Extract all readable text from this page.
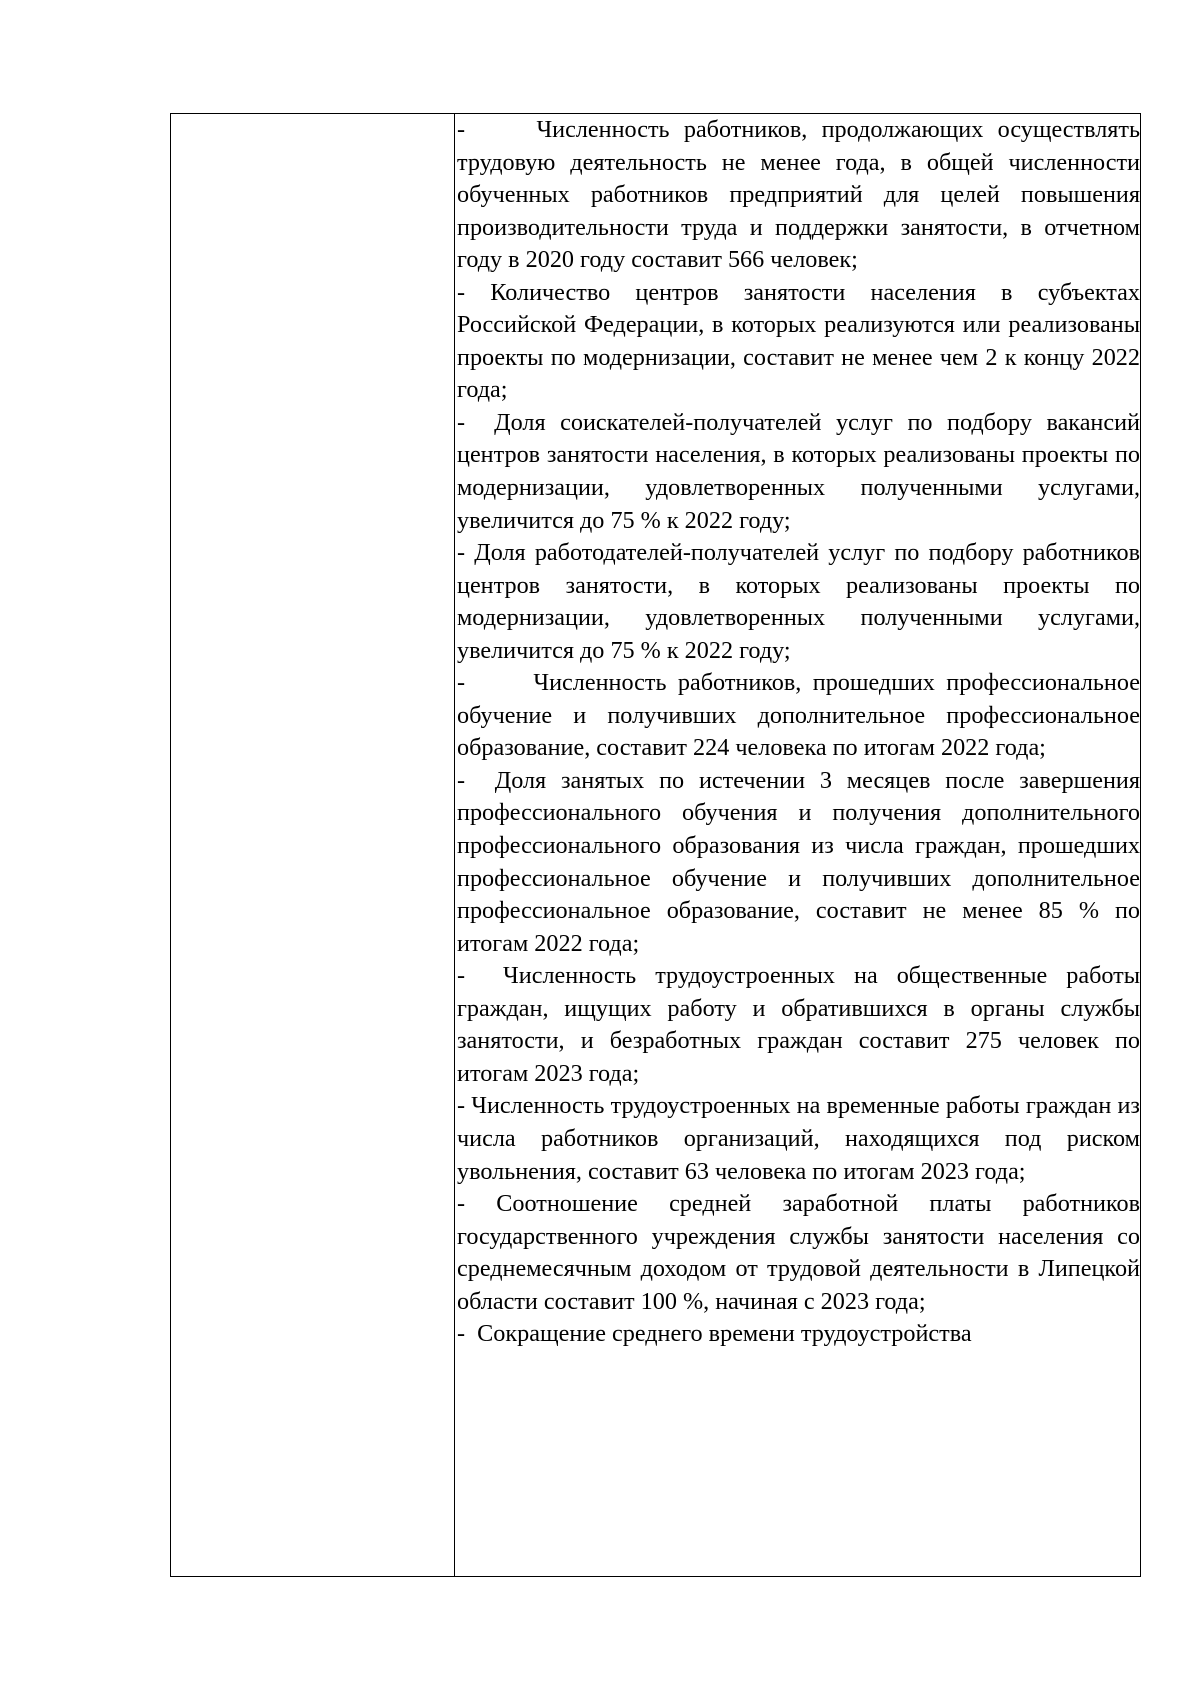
-     Численность работников, продолжающих осуществлять трудовую деятельность не менее года, в общей численности обученных работников предприятий для целей повышения производительности труда и поддержки занятости, в отчетном году в 2020 году составит 566 человек;

- Количество центров занятости населения в субъектах Российской Федерации, в которых реализуются или реализованы проекты по модернизации, составит не менее чем 2 к концу 2022 года;

-  Доля соискателей-получателей услуг по подбору вакансий центров занятости населения, в которых реализованы проекты по модернизации, удовлетворенных полученными услугами, увеличится до 75 % к 2022 году;

- Доля работодателей-получателей услуг по подбору работников центров занятости, в которых реализованы проекты по модернизации, удовлетворенных полученными услугами, увеличится до 75 % к 2022 году;

-      Численность работников, прошедших профессиональное обучение и получивших дополнительное профессиональное образование, составит 224 человека по итогам 2022 года;

-  Доля занятых по истечении 3 месяцев после завершения профессионального обучения и получения дополнительного профессионального образования из числа граждан, прошедших профессиональное обучение и получивших дополнительное профессиональное образование, составит не менее 85 % по итогам 2022 года;

-  Численность трудоустроенных на общественные работы граждан, ищущих работу и обратившихся в органы службы занятости, и безработных граждан составит 275 человек по итогам 2023 года;

- Численность трудоустроенных на временные работы граждан из числа работников организаций, находящихся под риском увольнения, составит 63 человека по итогам 2023 года;

- Соотношение средней заработной платы работников государственного учреждения службы занятости населения со среднемесячным доходом от трудовой деятельности в Липецкой области составит 100 %, начиная с 2023 года;

-  Сокращение среднего времени трудоустройства
